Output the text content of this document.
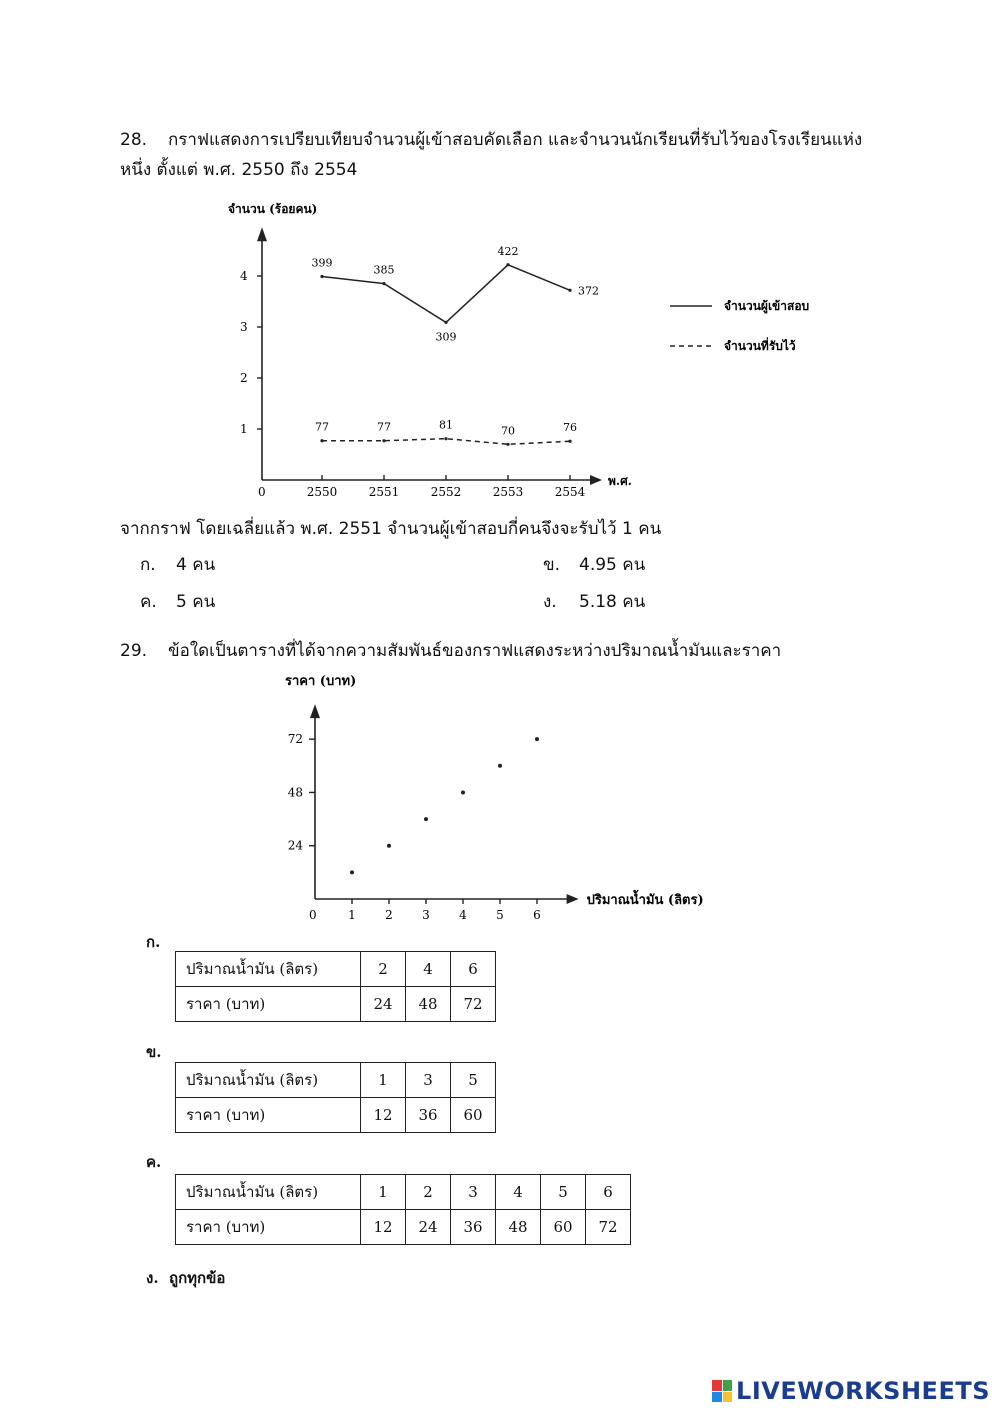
28. กราฟแสดงการเปรียบเทียบจำนวนผู้เข้าสอบคัดเลือก และจำนวนนักเรียนที่รับไว้ของโรงเรียนแห่ง
หนึ่ง ตั้งแต่ พ.ศ. 2550 ถึง 2554
จำนวน (ร้อยคน)
พ.ศ.
0
1
2
3
4
2550	2551	2552	2553	2554
399
385
309
422
372
77	77	81	70	76
จำนวนผู้เข้าสอบ
จำนวนที่รับไว้
จากกราฟ โดยเฉลี่ยแล้ว พ.ศ. 2551 จำนวนผู้เข้าสอบกี่คนจึงจะรับไว้ 1 คน
ก. 4 คน	ข. 4.95 คน
ค. 5 คน	ง. 5.18 คน
29. ข้อใดเป็นตารางที่ได้จากความสัมพันธ์ของกราฟแสดงระหว่างปริมาณน้ำมันและราคา
ราคา (บาท)
ปริมาณน้ำมัน (ลิตร)
0
24
48
72
1 2 3 4 5 6
ก.
ปริมาณน้ำมัน (ลิตร)	2	4	6
ราคา (บาท)	24	48	72
ข.
ปริมาณน้ำมัน (ลิตร)	1	3	5
ราคา (บาท)	12	36	60
ค.
ปริมาณน้ำมัน (ลิตร)	1	2	3	4	5	6
ราคา (บาท)	12	24	36	48	60	72
ง. ถูกทุกข้อ
LIVEWORKSHEETS
